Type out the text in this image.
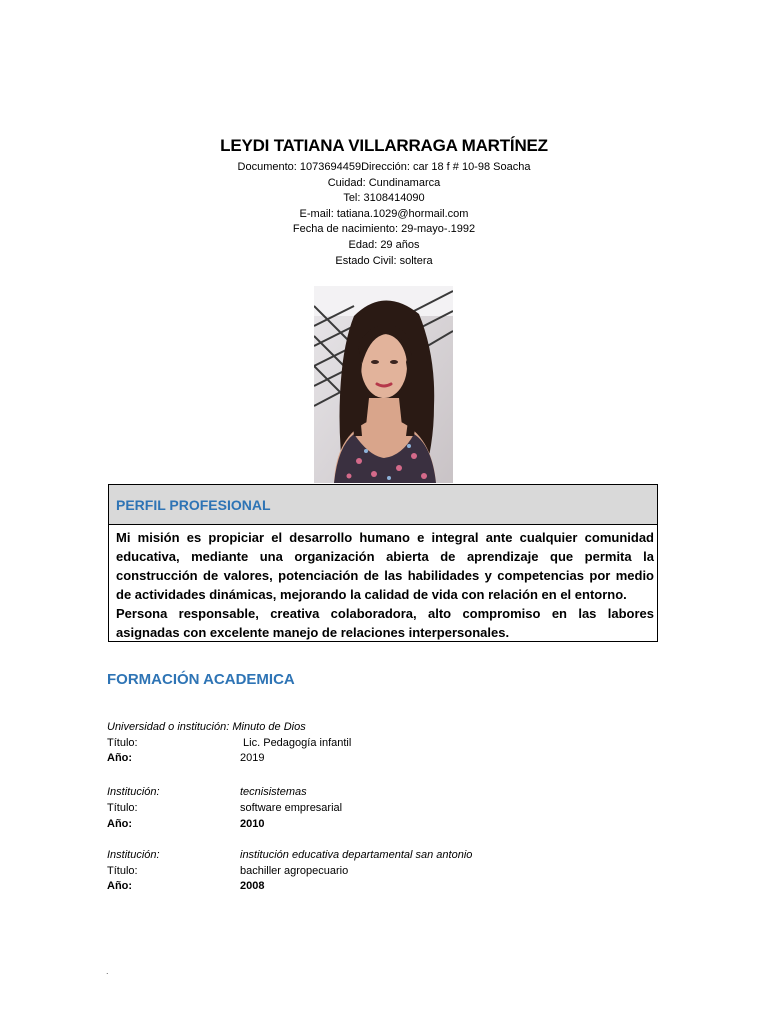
LEYDI TATIANA VILLARRAGA MARTÍNEZ
Documento: 1073694459Dirección: car 18 f # 10-98 Soacha
Cuidad: Cundinamarca
Tel: 3108414090
E-mail: tatiana.1029@hormail.com
Fecha de nacimiento: 29-mayo-.1992
Edad: 29 años
Estado Civil: soltera
PERFIL PROFESIONAL

Mi misión es propiciar el desarrollo humano e integral ante cualquier comunidad educativa, mediante una organización abierta de aprendizaje que permita la construcción de valores, potenciación de las habilidades y competencias por medio de actividades dinámicas, mejorando la calidad de vida con relación en el entorno.

Persona responsable, creativa colaboradora, alto compromiso en las labores asignadas con excelente manejo de relaciones interpersonales.

FORMACIÓN ACADEMICA
Universidad o institución: Minuto de Dios
Título:	Lic. Pedagogía infantil
Año:	2019
Institución:	tecnisistemas
Título:	software empresarial
Año:	2010
Institución:	institución educativa departamental san antonio
Título:	bachiller agropecuario
Año:	2008
.
